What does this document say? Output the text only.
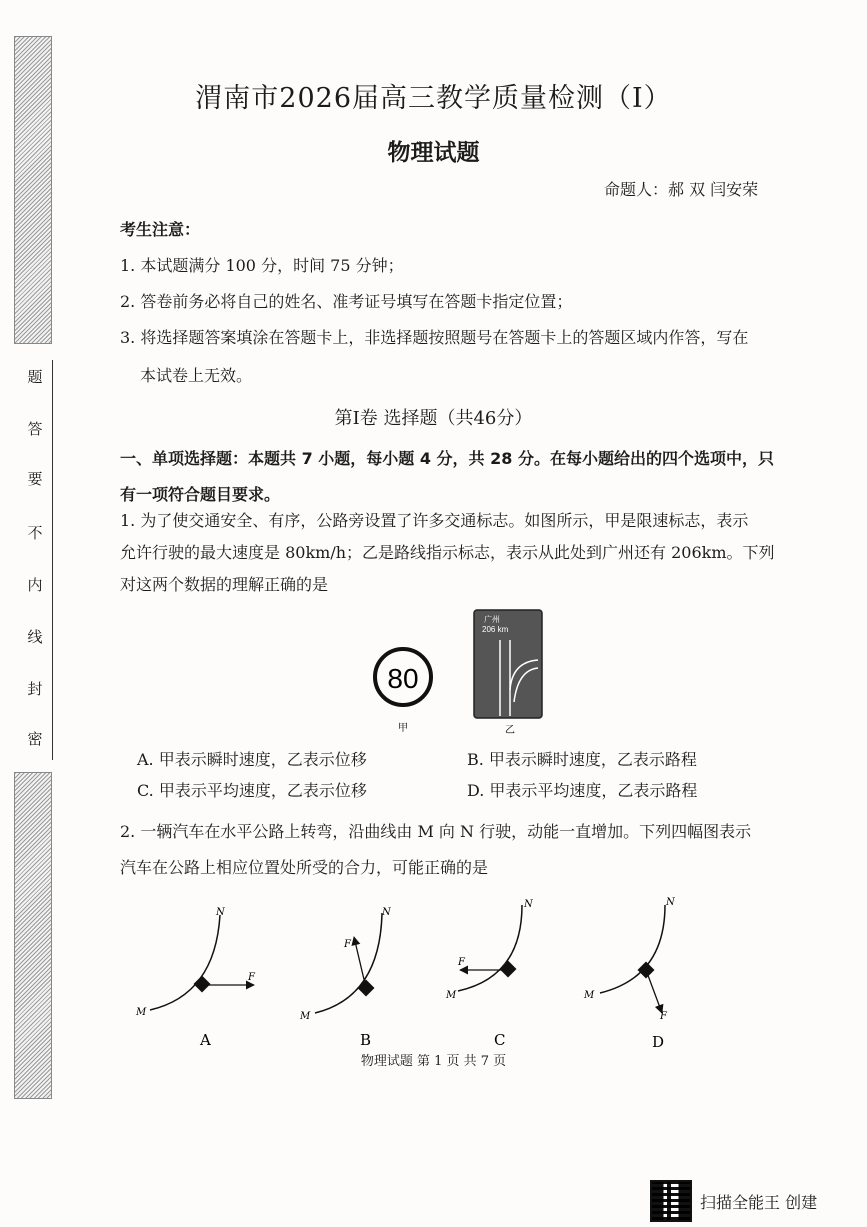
题
答
要
不
内
线
封
密
渭南市2026届高三教学质量检测（Ⅰ）
物理试题
命题人：郝 双 闫安荣
考生注意：
1. 本试题满分 100 分，时间 75 分钟；
2. 答卷前务必将自己的姓名、准考证号填写在答题卡指定位置；
3. 将选择题答案填涂在答题卡上，非选择题按照题号在答题卡上的答题区域内作答，写在
本试卷上无效。
第Ⅰ卷 选择题（共46分）
一、单项选择题：本题共 7 小题，每小题 4 分，共 28 分。在每小题给出的四个选项中，只
有一项符合题目要求。
1. 为了使交通安全、有序，公路旁设置了许多交通标志。如图所示，甲是限速标志，表示
允许行驶的最大速度是 80km/h；乙是路线指示标志，表示从此处到广州还有 206km。下列
对这两个数据的理解正确的是
80
甲
广州
206 km
乙
A. 甲表示瞬时速度，乙表示位移	B. 甲表示瞬时速度，乙表示路程
C. 甲表示平均速度，乙表示位移	D. 甲表示平均速度，乙表示路程
2. 一辆汽车在水平公路上转弯，沿曲线由 M 向 N 行驶，动能一直增加。下列四幅图表示
汽车在公路上相应位置处所受的合力，可能正确的是
M
N
F
A
M
N
F
B
M
N
F
C
M
N
F
D
物理试题 第 1 页 共 7 页
扫描全能王 创建
